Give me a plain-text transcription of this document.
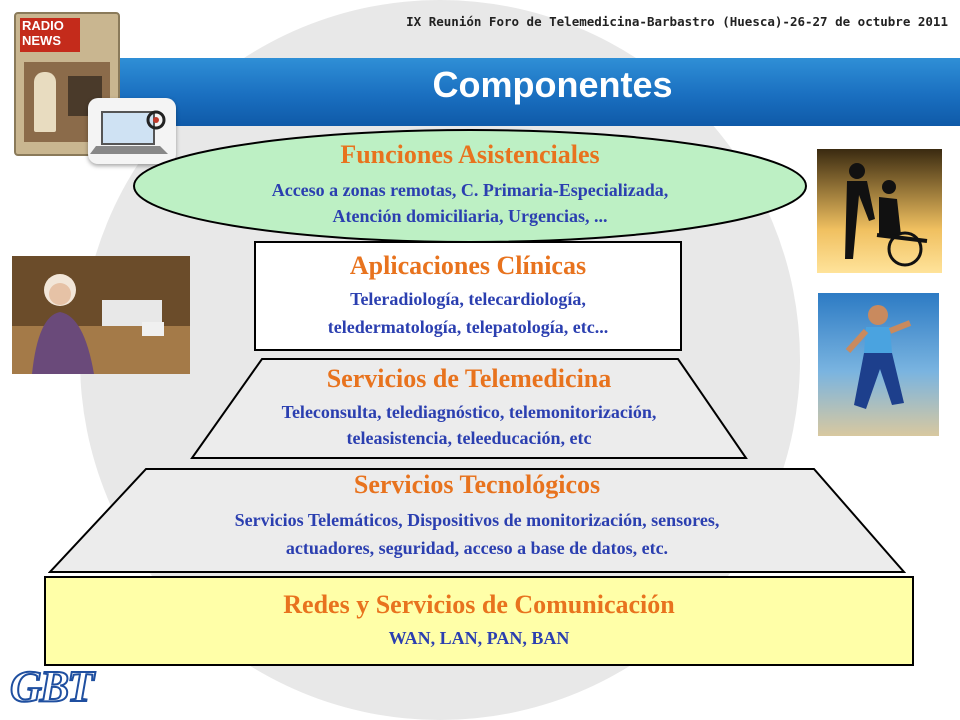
IX Reunión Foro de Telemedicina-Barbastro (Huesca)-26-27 de octubre 2011
Componentes
RADIO
NEWS
Funciones Asistenciales
Acceso a zonas remotas, C. Primaria-Especializada,
Atención domiciliaria, Urgencias, ...
Aplicaciones Clínicas
Teleradiología, telecardiología,
teledermatología, telepatología, etc...
Servicios de Telemedicina
Teleconsulta, telediagnóstico, telemonitorización,
teleasistencia, teleeducación, etc
Servicios Tecnológicos
Servicios Telemáticos, Dispositivos de monitorización, sensores,
actuadores, seguridad, acceso a base de datos, etc.
Redes y Servicios de Comunicación
WAN, LAN, PAN, BAN
GBT
